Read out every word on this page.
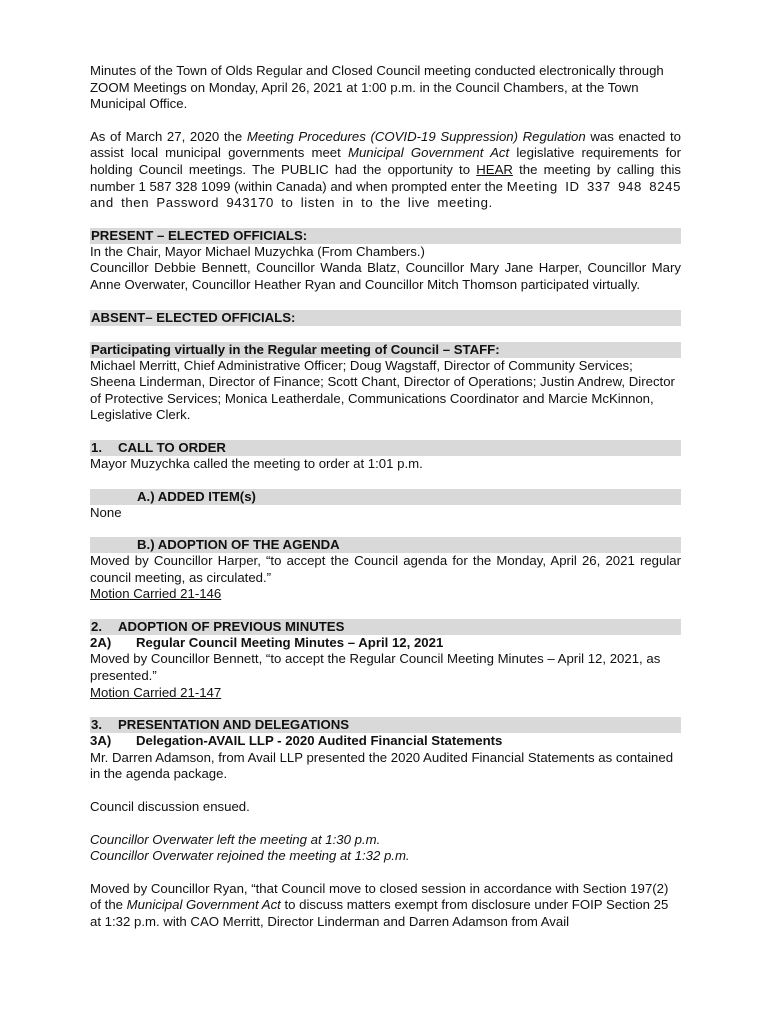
Minutes of the Town of Olds Regular and Closed Council meeting conducted electronically through ZOOM Meetings on Monday, April 26, 2021 at 1:00 p.m. in the Council Chambers, at the Town Municipal Office.

As of March 27, 2020 the Meeting Procedures (COVID-19 Suppression) Regulation was enacted to assist local municipal governments meet Municipal Government Act legislative requirements for holding Council meetings. The PUBLIC had the opportunity to HEAR the meeting by calling this number 1 587 328 1099 (within Canada) and when prompted enter the Meeting ID 337 948 8245 and then Password 943170 to listen in to the live meeting.

PRESENT – ELECTED OFFICIALS:

In the Chair, Mayor Michael Muzychka (From Chambers.)

Councillor Debbie Bennett, Councillor Wanda Blatz, Councillor Mary Jane Harper, Councillor Mary Anne Overwater, Councillor Heather Ryan and Councillor Mitch Thomson participated virtually.

ABSENT– ELECTED OFFICIALS:
Participating virtually in the Regular meeting of Council – STAFF:

Michael Merritt, Chief Administrative Officer; Doug Wagstaff, Director of Community Services; Sheena Linderman, Director of Finance; Scott Chant, Director of Operations; Justin Andrew, Director of Protective Services; Monica Leatherdale, Communications Coordinator and Marcie McKinnon, Legislative Clerk.

1. CALL TO ORDER

Mayor Muzychka called the meeting to order at 1:01 p.m.

A.) ADDED ITEM(s)

None

B.) ADOPTION OF THE AGENDA

Moved by Councillor Harper, “to accept the Council agenda for the Monday, April 26, 2021 regular council meeting, as circulated.”

Motion Carried 21-146

2. ADOPTION OF PREVIOUS MINUTES

2A) Regular Council Meeting Minutes – April 12, 2021

Moved by Councillor Bennett, “to accept the Regular Council Meeting Minutes – April 12, 2021, as presented.”

Motion Carried 21-147

3. PRESENTATION AND DELEGATIONS

3A) Delegation-AVAIL LLP - 2020 Audited Financial Statements

Mr. Darren Adamson, from Avail LLP presented the 2020 Audited Financial Statements as contained in the agenda package.

Council discussion ensued.

Councillor Overwater left the meeting at 1:30 p.m.

Councillor Overwater rejoined the meeting at 1:32 p.m.

Moved by Councillor Ryan, “that Council move to closed session in accordance with Section 197(2) of the Municipal Government Act to discuss matters exempt from disclosure under FOIP Section 25 at 1:32 p.m. with CAO Merritt, Director Linderman and Darren Adamson from Avail
